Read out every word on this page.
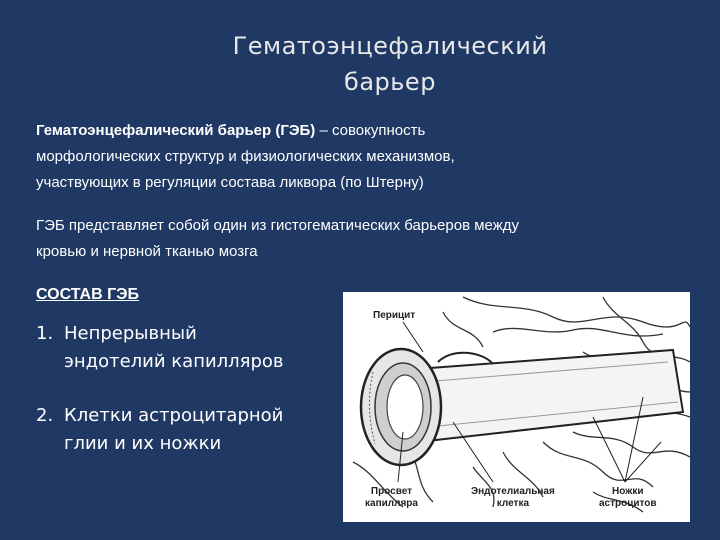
Гематоэнцефалический
барьер
Гематоэнцефалический барьер (ГЭБ) – совокупность
морфологических структур и физиологических механизмов,
участвующих в регуляции состава ликвора (по Штерну)
ГЭБ представляет собой один из гистогематических барьеров между
кровью и нервной тканью мозга
СОСТАВ ГЭБ
1. Непрерывный
эндотелий капилляров
2. Клетки астроцитарной
глии и их ножки
Перицит
Просвет
капилляра
Эндотелиальная
клетка
Ножки
астроцитов
